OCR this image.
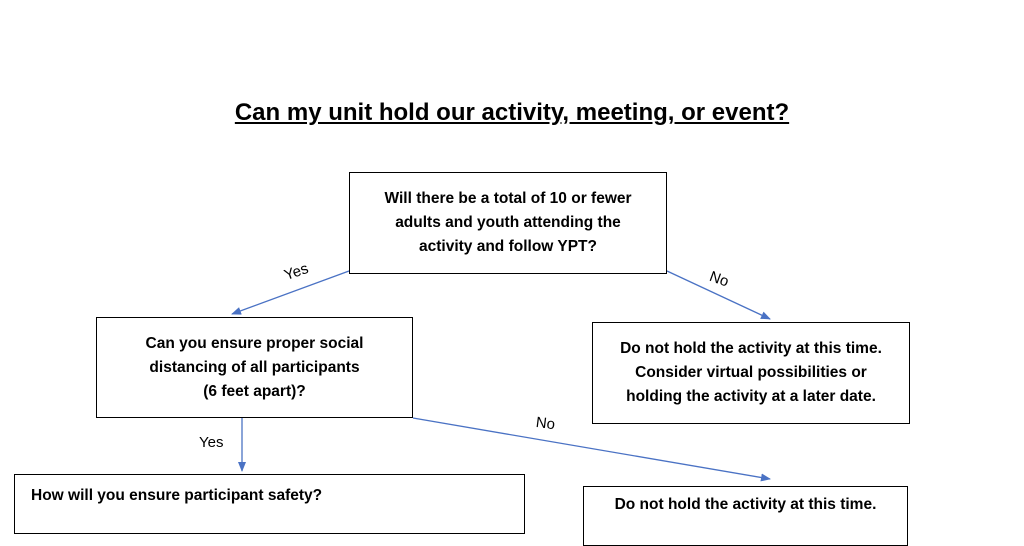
Can my unit hold our activity, meeting, or event?
Will there be a total of 10 or fewer
adults and youth attending the
activity and follow YPT?
Can you ensure proper social
distancing of all participants
(6 feet apart)?
Do not hold the activity at this time.
Consider virtual possibilities or
holding the activity at a later date.
How will you ensure participant safety?
Do not hold the activity at this time.
Yes	No
Yes
No
